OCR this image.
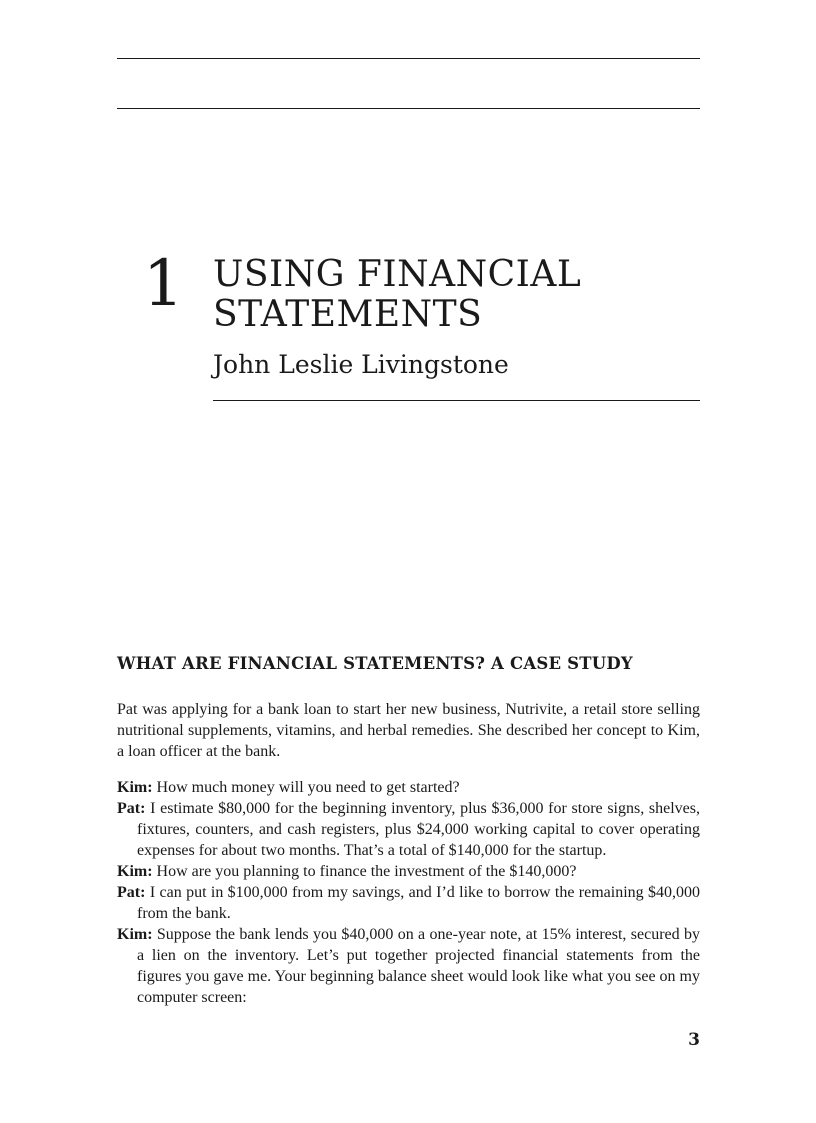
1 USING FINANCIAL
STATEMENTS
John Leslie Livingstone
WHAT ARE FINANCIAL STATEMENTS? A CASE STUDY

Pat was applying for a bank loan to start her new business, Nutrivite, a retail store selling nutritional supplements, vitamins, and herbal remedies. She described her concept to Kim, a loan officer at the bank.

Kim: How much money will you need to get started?

Pat: I estimate $80,000 for the beginning inventory, plus $36,000 for store signs, shelves, fixtures, counters, and cash registers, plus $24,000 working capital to cover operating expenses for about two months. That’s a total of $140,000 for the startup.

Kim: How are you planning to finance the investment of the $140,000?

Pat: I can put in $100,000 from my savings, and I’d like to borrow the remaining $40,000 from the bank.

Kim: Suppose the bank lends you $40,000 on a one-year note, at 15% interest, secured by a lien on the inventory. Let’s put together projected financial statements from the figures you gave me. Your beginning balance sheet would look like what you see on my computer screen:

3
